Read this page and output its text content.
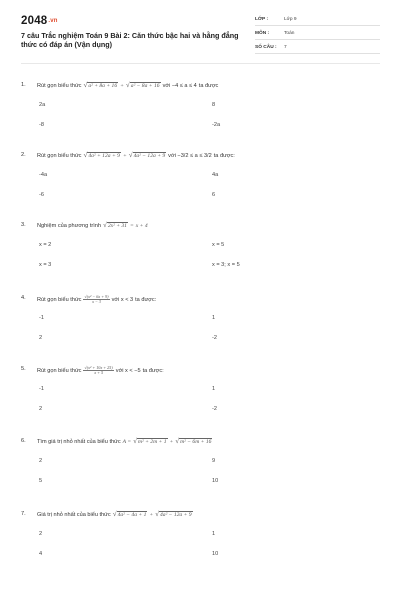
2048.vn
7 câu Trắc nghiệm Toán 9 Bài 2: Căn thức bậc hai và hằng đẳng thức có đáp án (Vận dụng)
LỚP :	Lớp 9
MÔN :	Toán
SỐ CÂU : 7
1. Rút gọn biểu thức √ a² + 8a + 16 + √ a² − 8a + 16 với −4 ≤ a ≤ 4 ta được
2a	8
-8	-2a
2. Rút gọn biểu thức √ 4a² + 12a + 9 + √ 4a² − 12a + 9 với −3/2 ≤ a ≤ 3/2 ta được:
-4a	4a
-6	6
3. Nghiệm của phương trình √ 2x² + 31 = x + 4
x = 2	x = 5
x = 3	x = 3; x = 5
4. Rút gọn biểu thức $\frac{\text{√(x² − 6x + 9)}}{x - 3}$ với x < 3 ta được:
-1	1
2	-2
5. Rút gọn biểu thức $\frac{\text{√(x² + 10x + 25)}}{x + 5}$ với x < −5 ta được:
-1	1
2	-2
6. Tìm giá trị nhỏ nhất của biểu thức A = √ m² + 2m + 1 + √ m² − 6m + 16
2	9
5	10
7. Giá trị nhỏ nhất của biểu thức √ 4a² − 4a + 1 + √ 4a² − 12a + 9
2	1
4	10
